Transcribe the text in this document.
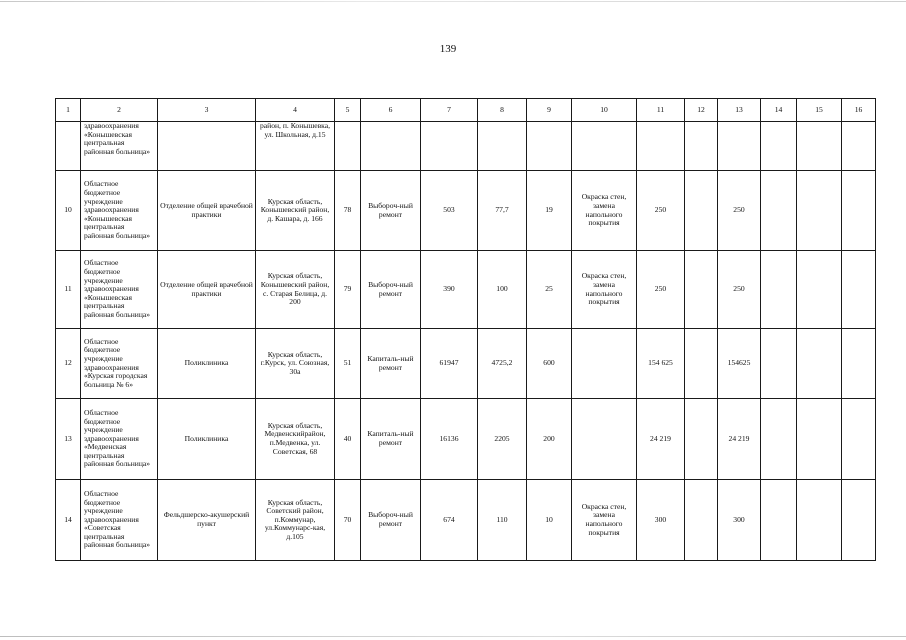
139
1	2	3	4	5	6	7	8	9	10	11	12	13	14	15	16
	здравоохранения «Конышевская центральная районная больница»		район, п. Конышевка, ул. Школьная, д.15												
10	Областное бюджетное учреждение здравоохранения «Конышевская центральная районная больница»	Отделение общей врачебной практики	Курская область, Конышевский район, д. Кашара, д. 166	78	Выбороч-ный ремонт	503	77,7	19	Окраска стен, замена напольного покрытия	250		250			
11	Областное бюджетное учреждение здравоохранения «Конышевская центральная районная больница»	Отделение общей врачебной практики	Курская область, Конышевский район, с. Старая Белица, д. 200	79	Выбороч-ный ремонт	390	100	25	Окраска стен, замена напольного покрытия	250		250			
12	Областное бюджетное учреждение здравоохранения «Курская городская больница № 6»	Поликлиника	Курская область, г.Курск, ул. Союзная, 30а	51	Капиталь-ный ремонт	61947	4725,2	600		154 625		154625			
13	Областное бюджетное учреждение здравоохранения «Медвенская центральная районная больница»	Поликлиника	Курская область, Медвенскийрайон, п.Медвенка, ул. Советская, 68	40	Капиталь-ный ремонт	16136	2205	200		24 219		24 219			
14	Областное бюджетное учреждение здравоохранения «Советская центральная районная больница»	Фельдшерско-акушерский пункт	Курская область, Советский район, п.Коммунар, ул.Коммунарс-кая, д.105	70	Выбороч-ный ремонт	674	110	10	Окраска стен, замена напольного покрытия	300		300			
